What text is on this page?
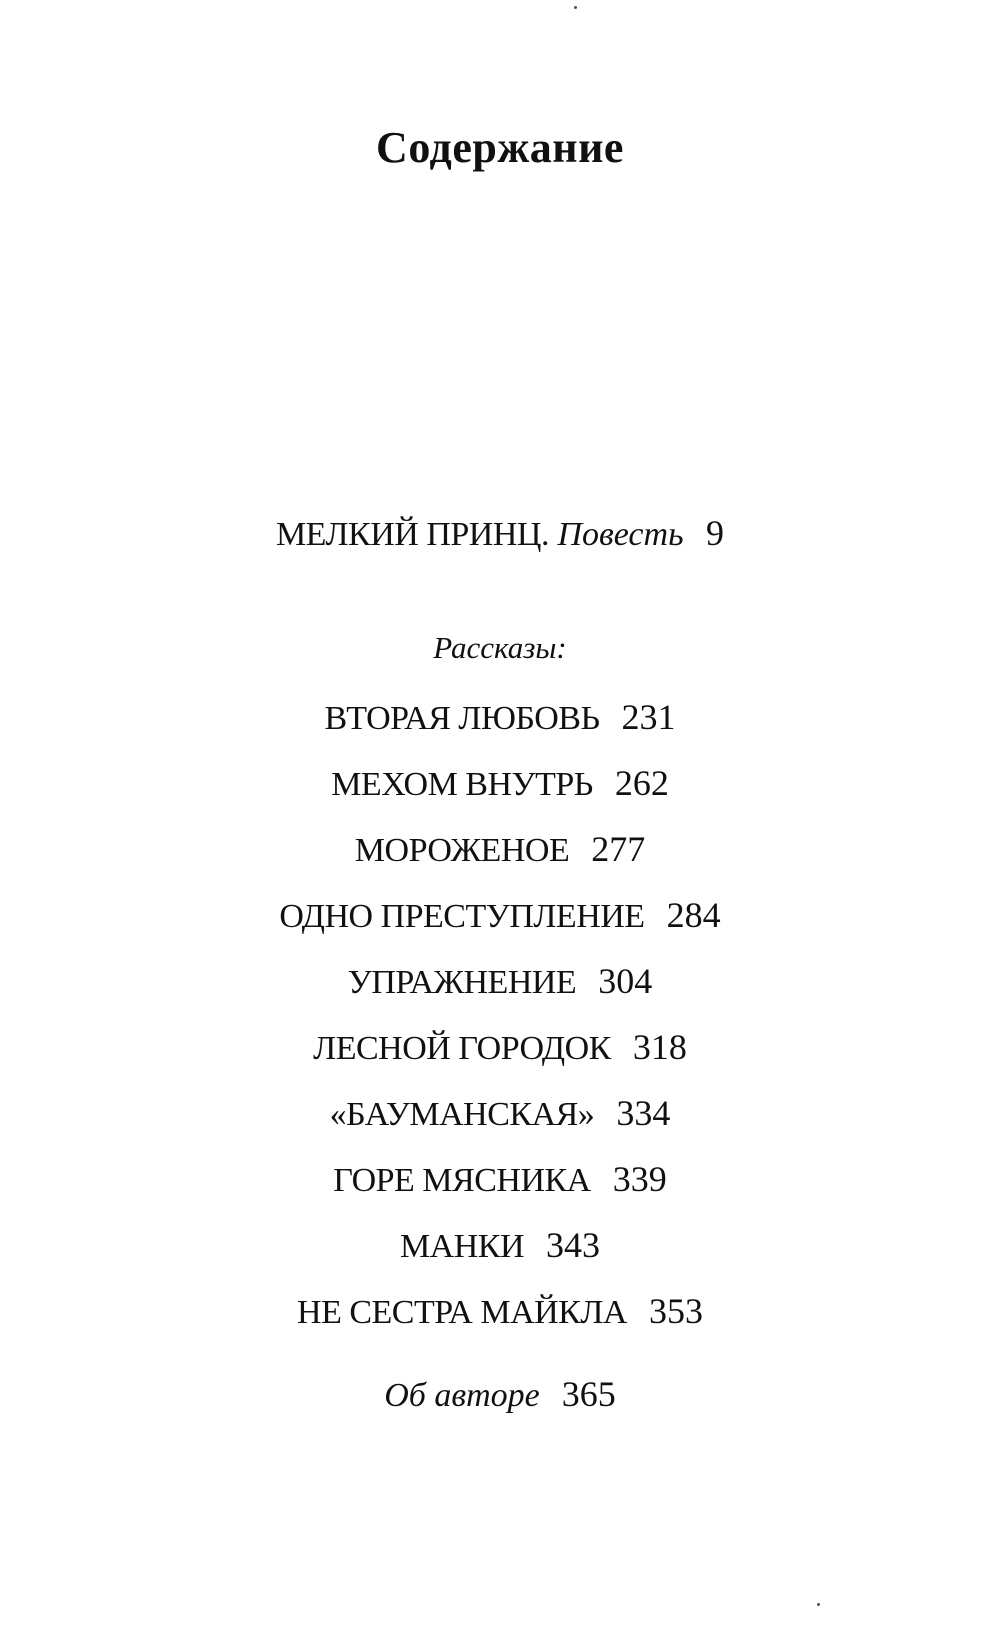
Содержание
МЕЛКИЙ ПРИНЦ. Повесть 9
Рассказы:
ВТОРАЯ ЛЮБОВЬ 231
МЕХОМ ВНУТРЬ 262
МОРОЖЕНОЕ 277
ОДНО ПРЕСТУПЛЕНИЕ 284
УПРАЖНЕНИЕ 304
ЛЕСНОЙ ГОРОДОК 318
«БАУМАНСКАЯ» 334
ГОРЕ МЯСНИКА 339
МАНКИ 343
НЕ СЕСТРА МАЙКЛА 353
Об авторе 365
